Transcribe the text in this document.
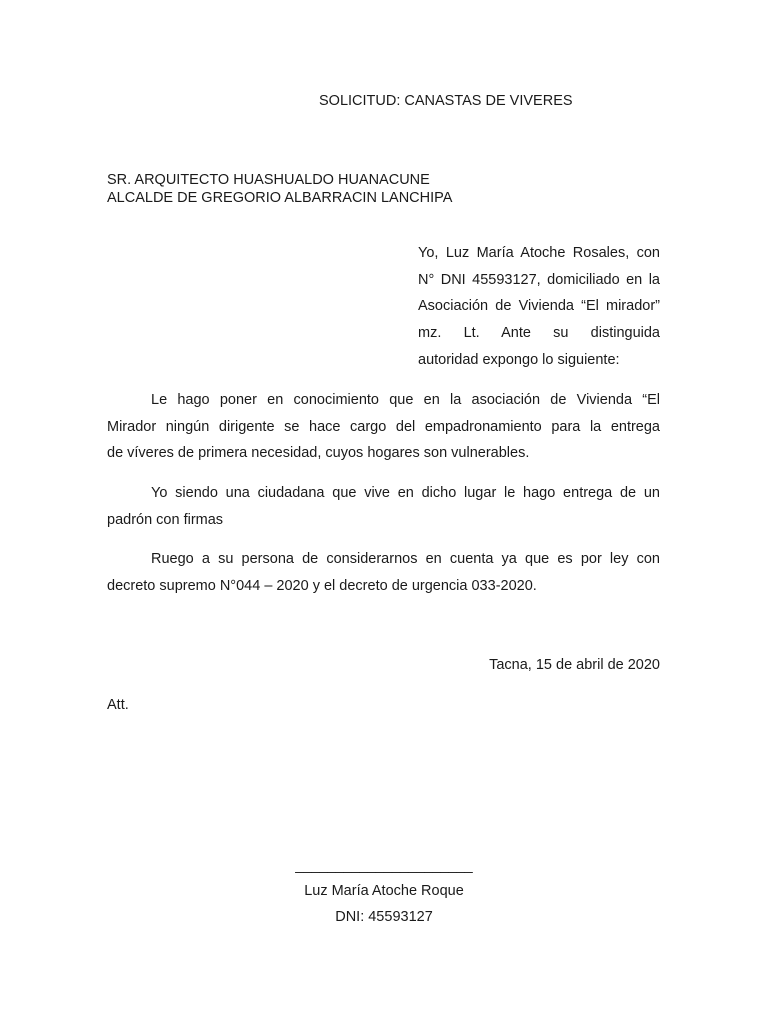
SOLICITUD: CANASTAS DE VIVERES
SR. ARQUITECTO HUASHUALDO HUANACUNE
ALCALDE DE GREGORIO ALBARRACIN LANCHIPA
Yo, Luz María Atoche Rosales, con
N° DNI 45593127, domiciliado en la
Asociación de Vivienda “El mirador”
mz. Lt. Ante su distinguida
autoridad expongo lo siguiente:
Le hago poner en conocimiento que en la asociación de Vivienda “El
Mirador ningún dirigente se hace cargo del empadronamiento para la entrega
de víveres de primera necesidad, cuyos hogares son vulnerables.
Yo siendo una ciudadana que vive en dicho lugar le hago entrega de un
padrón con firmas
Ruego a su persona de considerarnos en cuenta ya que es por ley con
decreto supremo N°044 – 2020 y el decreto de urgencia 033-2020.
Tacna, 15 de abril de 2020
Att.
______________________
Luz María Atoche Roque
DNI: 45593127
